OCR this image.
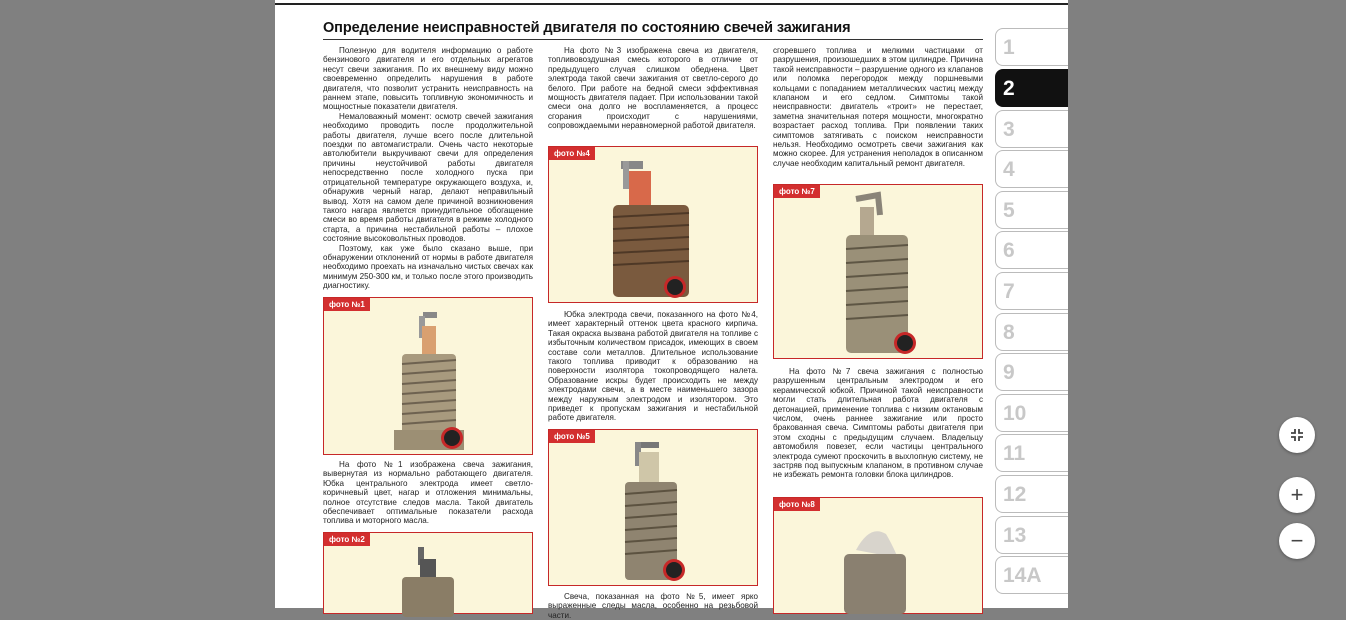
Определение неисправностей двигателя по состоянию свечей зажигания

Полезную для водителя информацию о работе бензинового двигателя и его отдельных агрегатов несут свечи зажигания. По их внешнему виду можно своевременно определить нарушения в работе двигателя, что позволит устранить неисправность на раннем этапе, повысить топливную экономичность и мощностные показатели двигателя.

Немаловажный момент: осмотр свечей зажигания необходимо проводить после продолжительной работы двигателя, лучше всего после длительной поездки по автомагистрали. Очень часто некоторые автолюбители выкручивают свечи для определения причины неустойчивой работы двигателя непосредственно после холодного пуска при отрицательной температуре окружающего воздуха, и, обнаружив черный нагар, делают неправильный вывод. Хотя на самом деле причиной возникновения такого нагара является принудительное обогащение смеси во время работы двигателя в режиме холодного старта, а причина нестабильной работы – плохое состояние высоковольтных проводов.

Поэтому, как уже было сказано выше, при обнаружении отклонений от нормы в работе двигателя необходимо проехать на изначально чистых свечах как минимум 250-300 км, и только после этого производить диагностику.

фото №1

На фото №1 изображена свеча зажигания, вывернутая из нормально работающего двигателя. Юбка центрального электрода имеет светло-коричневый цвет, нагар и отложения минимальны, полное отсутствие следов масла. Такой двигатель обеспечивает оптимальные показатели расхода топлива и моторного масла.

фото №2

На фото №3 изображена свеча из двигателя, топливовоздушная смесь которого в отличие от предыдущего случая слишком обеднена. Цвет электрода такой свечи зажигания от светло-серого до белого. При работе на бедной смеси эффективная мощность двигателя падает. При использовании такой смеси она долго не воспламеняется, а процесс сгорания происходит с нарушениями, сопровождаемыми неравномерной работой двигателя.

фото №4

Юбка электрода свечи, показанного на фото №4, имеет характерный оттенок цвета красного кирпича. Такая окраска вызвана работой двигателя на топливе с избыточным количеством присадок, имеющих в своем составе соли металлов. Длительное использование такого топлива приводит к образованию на поверхности изолятора токопроводящего налета. Образование искры будет происходить не между электродами свечи, а в месте наименьшего зазора между наружным электродом и изолятором. Это приведет к пропускам зажигания и нестабильной работе двигателя.

фото №5

Свеча, показанная на фото №5, имеет ярко выраженные следы масла, особенно на резьбовой части.

сгоревшего топлива и мелкими частицами от разрушения, произошедших в этом цилиндре. Причина такой неисправности – разрушение одного из клапанов или поломка перегородок между поршневыми кольцами с попаданием металлических частиц между клапаном и его седлом. Симптомы такой неисправности: двигатель «троит» не перестает, заметна значительная потеря мощности, многократно возрастает расход топлива. При появлении таких симптомов затягивать с поиском неисправности нельзя. Необходимо осмотреть свечи зажигания как можно скорее. Для устранения неполадок в описанном случае необходим капитальный ремонт двигателя.

фото №7

На фото №7 свеча зажигания с полностью разрушенным центральным электродом и его керамической юбкой. Причиной такой неисправности могли стать длительная работа двигателя с детонацией, применение топлива с низким октановым числом, очень раннее зажигание или просто бракованная свеча. Симптомы работы двигателя при этом сходны с предыдущим случаем. Владельцу автомобиля повезет, если частицы центрального электрода сумеют проскочить в выхлопную систему, не застряв под выпускным клапаном, в противном случае не избежать ремонта головки блока цилиндров.

фото №8
1
2
3
4
5
6
7
8
9
10
11
12
13
14A
+
−
